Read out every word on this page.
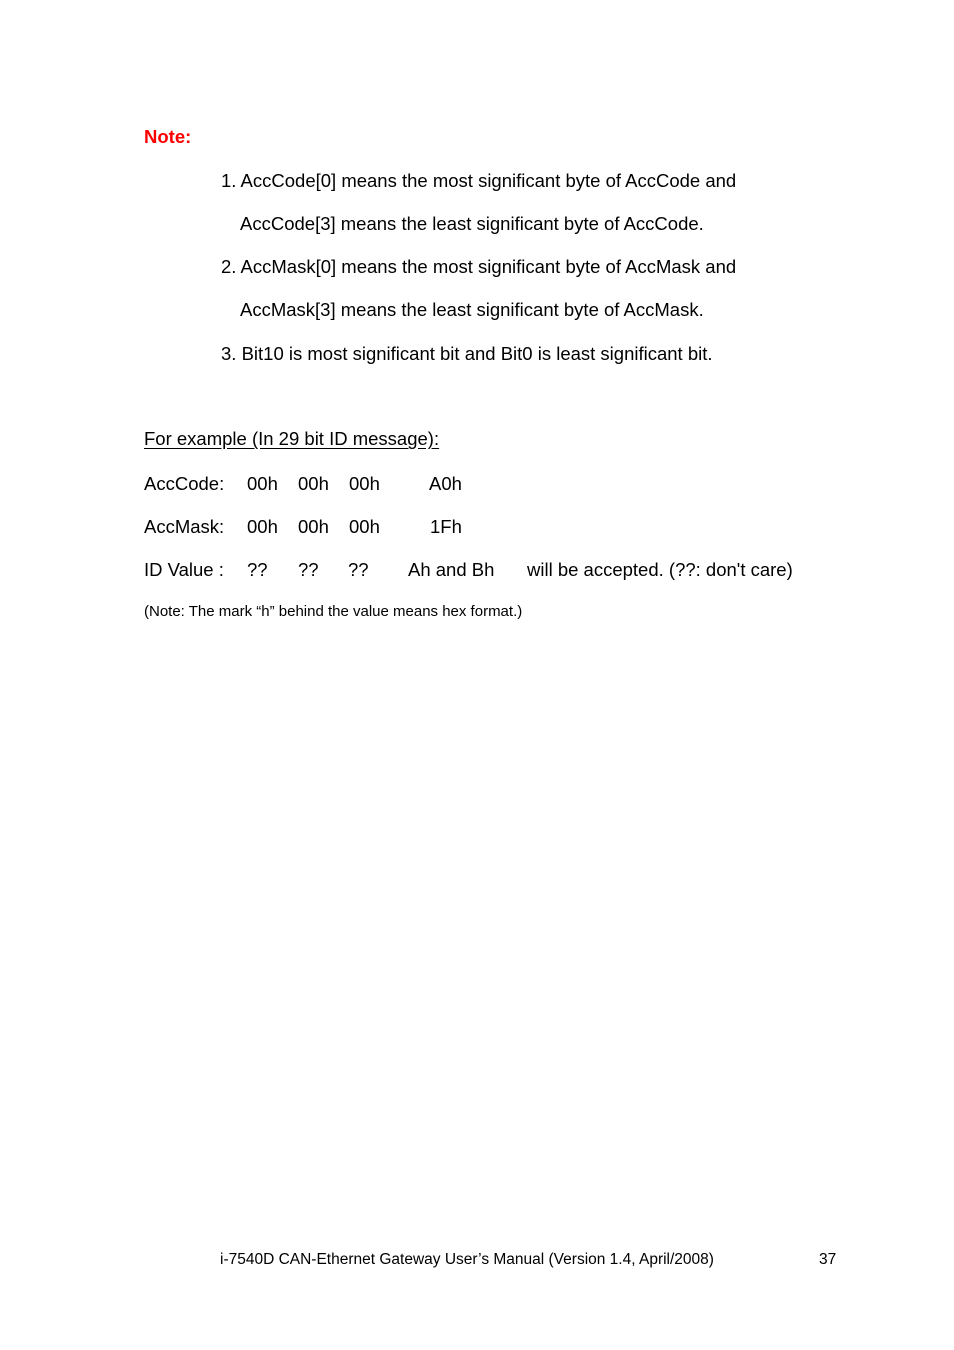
Note:
1. AccCode[0] means the most significant byte of AccCode and
AccCode[3] means the least significant byte of AccCode.
2. AccMask[0] means the most significant byte of AccMask and
AccMask[3] means the least significant byte of AccMask.
3. Bit10 is most significant bit and Bit0 is least significant bit.
For example (In 29 bit ID message):
AccCode: 00h 00h 00h	A0h
AccMask: 00h 00h 00h	1Fh
ID Value : ?? ?? ?? Ah and Bh will be accepted. (??: don't care)
(Note: The mark “h” behind the value means hex format.)
i-7540D CAN-Ethernet Gateway User’s Manual (Version 1.4, April/2008)	37
